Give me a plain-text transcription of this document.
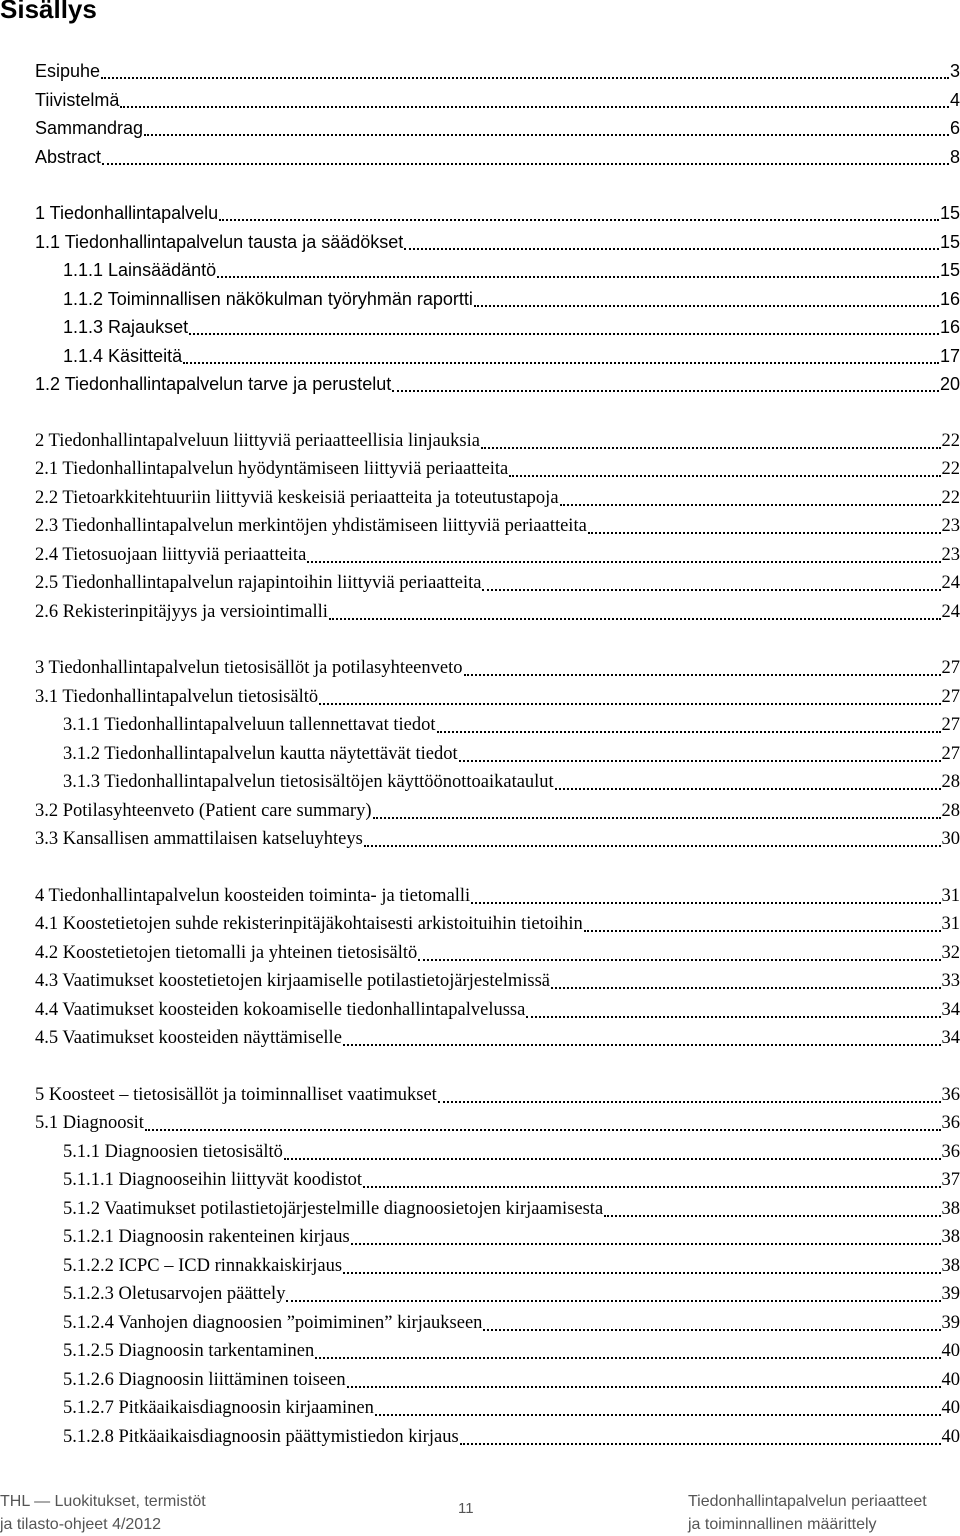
Sisällys
Esipuhe	3
Tiivistelmä	4
Sammandrag	6
Abstract	8
1 Tiedonhallintapalvelu	15
1.1 Tiedonhallintapalvelun tausta ja säädökset	15
1.1.1 Lainsäädäntö	15
1.1.2 Toiminnallisen näkökulman työryhmän raportti	16
1.1.3 Rajaukset	16
1.1.4 Käsitteitä	17
1.2 Tiedonhallintapalvelun tarve ja perustelut	20
2 Tiedonhallintapalveluun liittyviä periaatteellisia linjauksia	22
2.1 Tiedonhallintapalvelun hyödyntämiseen liittyviä periaatteita	22
2.2 Tietoarkkitehtuuriin liittyviä keskeisiä periaatteita ja toteutustapoja	22
2.3 Tiedonhallintapalvelun merkintöjen yhdistämiseen liittyviä periaatteita	23
2.4 Tietosuojaan liittyviä periaatteita	23
2.5 Tiedonhallintapalvelun rajapintoihin liittyviä periaatteita	24
2.6 Rekisterinpitäjyys ja versiointimalli	24
3 Tiedonhallintapalvelun tietosisällöt ja potilasyhteenveto	27
3.1 Tiedonhallintapalvelun tietosisältö	27
3.1.1 Tiedonhallintapalveluun tallennettavat tiedot	27
3.1.2 Tiedonhallintapalvelun kautta näytettävät tiedot	27
3.1.3 Tiedonhallintapalvelun tietosisältöjen käyttöönottoaikataulut	28
3.2 Potilasyhteenveto (Patient care summary)	28
3.3 Kansallisen ammattilaisen katseluyhteys	30
4 Tiedonhallintapalvelun koosteiden toiminta- ja tietomalli	31
4.1 Koostetietojen suhde rekisterinpitäjäkohtaisesti arkistoituihin tietoihin	31
4.2 Koostetietojen tietomalli ja yhteinen tietosisältö	32
4.3 Vaatimukset koostetietojen kirjaamiselle potilastietojärjestelmissä	33
4.4 Vaatimukset koosteiden kokoamiselle tiedonhallintapalvelussa	34
4.5 Vaatimukset koosteiden näyttämiselle	34
5 Koosteet – tietosisällöt ja toiminnalliset vaatimukset	36
5.1 Diagnoosit	36
5.1.1 Diagnoosien tietosisältö	36
5.1.1.1 Diagnooseihin liittyvät koodistot	37
5.1.2 Vaatimukset potilastietojärjestelmille diagnoosietojen kirjaamisesta	38
5.1.2.1 Diagnoosin rakenteinen kirjaus	38
5.1.2.2 ICPC – ICD rinnakkaiskirjaus	38
5.1.2.3 Oletusarvojen päättely	39
5.1.2.4 Vanhojen diagnoosien ”poimiminen” kirjaukseen	39
5.1.2.5 Diagnoosin tarkentaminen	40
5.1.2.6 Diagnoosin liittäminen toiseen	40
5.1.2.7 Pitkäaikaisdiagnoosin kirjaaminen	40
5.1.2.8 Pitkäaikaisdiagnoosin päättymistiedon kirjaus	40
THL — Luokitukset, termistöt
ja tilasto-ohjeet 4/2012
11	Tiedonhallintapalvelun periaatteet
ja toiminnallinen määrittely
